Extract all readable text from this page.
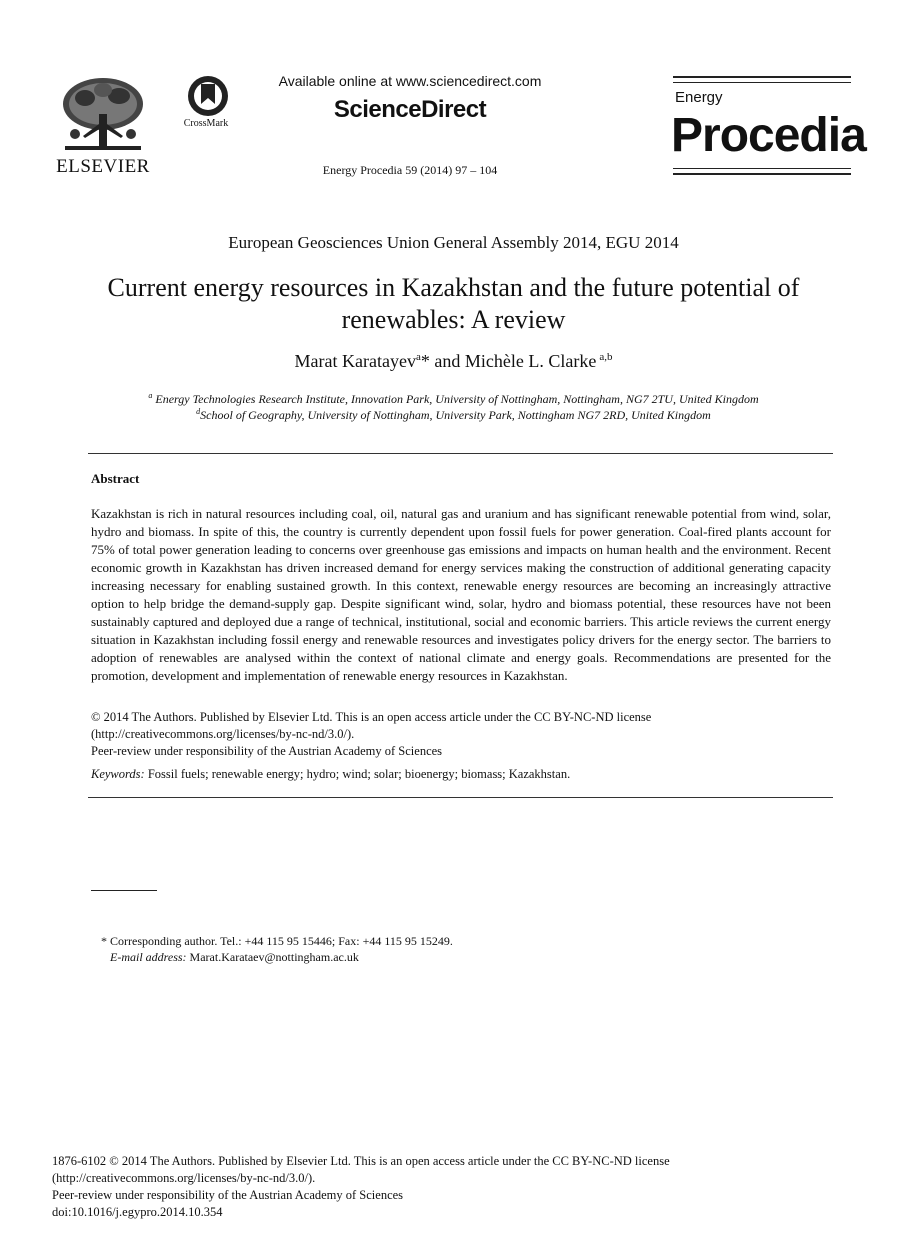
ELSEVIER
CrossMark
Available online at www.sciencedirect.com
ScienceDirect
Energy Procedia 59 (2014) 97 – 104
Energy
Procedia
European Geosciences Union General Assembly 2014, EGU 2014
Current energy resources in Kazakhstan and the future potential of
renewables: A review
Marat Karatayev$^a$* and Michèle L. Clarke $^{a,b}$
$^a$ Energy Technologies Research Institute, Innovation Park, University of Nottingham, Nottingham, NG7 2TU, United Kingdom
$^d$School of Geography, University of Nottingham, University Park, Nottingham NG7 2RD, United Kingdom
Abstract
Kazakhstan is rich in natural resources including coal, oil, natural gas and uranium and has significant renewable potential from wind, solar, hydro and biomass. In spite of this, the country is currently dependent upon fossil fuels for power generation. Coal-fired plants account for 75% of total power generation leading to concerns over greenhouse gas emissions and impacts on human health and the environment. Recent economic growth in Kazakhstan has driven increased demand for energy services making the construction of additional generating capacity increasing necessary for enabling sustained growth. In this context, renewable energy resources are becoming an increasingly attractive option to help bridge the demand-supply gap. Despite significant wind, solar, hydro and biomass potential, these resources have not been sustainably captured and deployed due a range of technical, institutional, social and economic barriers. This article reviews the current energy situation in Kazakhstan including fossil energy and renewable resources and investigates policy drivers for the energy sector. The barriers to adoption of renewables are analysed within the context of national climate and energy goals. Recommendations are presented for the promotion, development and implementation of renewable energy resources in Kazakhstan.
© 2014 The Authors. Published by Elsevier Ltd. This is an open access article under the CC BY-NC-ND license
(http://creativecommons.org/licenses/by-nc-nd/3.0/).
Peer-review under responsibility of the Austrian Academy of Sciences
Keywords: Fossil fuels; renewable energy; hydro; wind; solar; bioenergy; biomass; Kazakhstan.
* Corresponding author. Tel.: +44 115 95 15446; Fax: +44 115 95 15249.
E-mail address: Marat.Karataev@nottingham.ac.uk
1876-6102 © 2014 The Authors. Published by Elsevier Ltd. This is an open access article under the CC BY-NC-ND license
(http://creativecommons.org/licenses/by-nc-nd/3.0/).
Peer-review under responsibility of the Austrian Academy of Sciences
doi:10.1016/j.egypro.2014.10.354
